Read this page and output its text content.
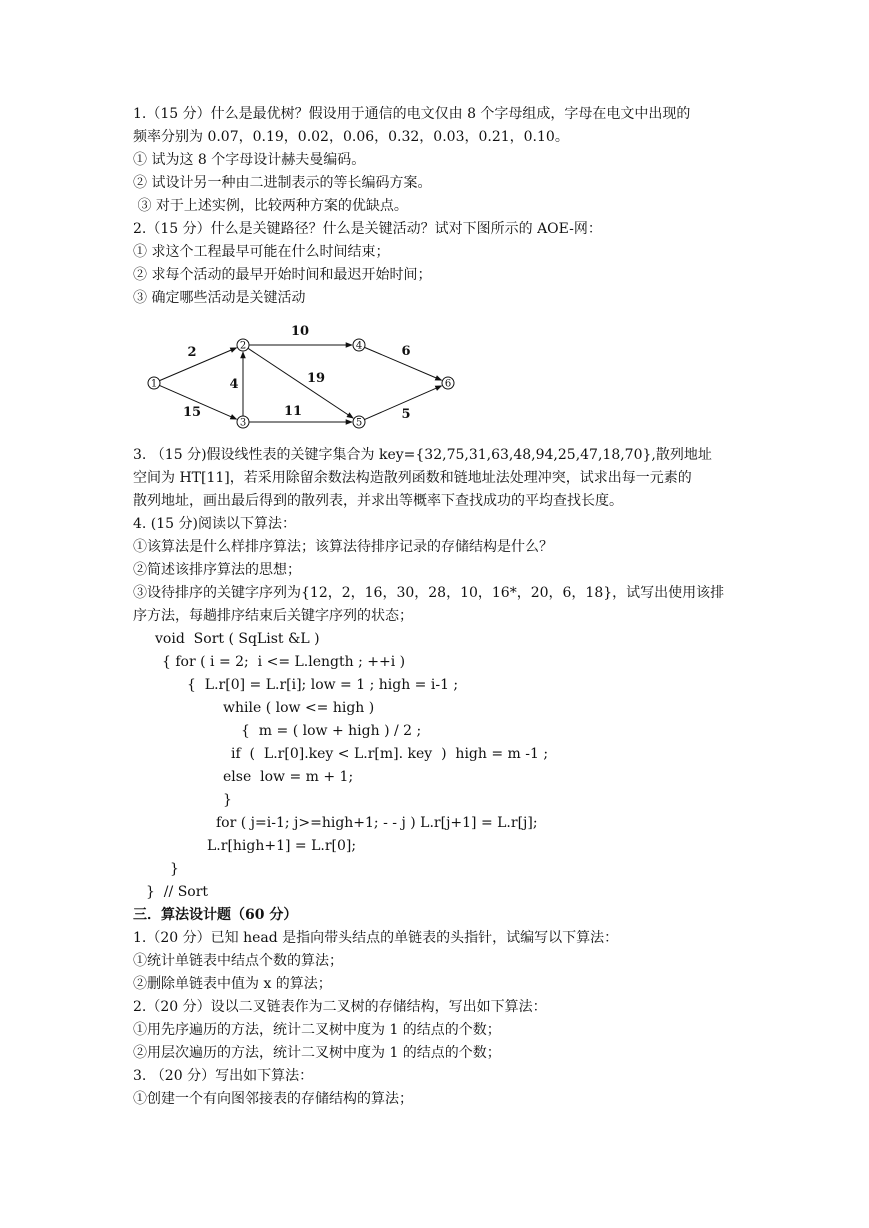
1.（15 分）什么是最优树？假设用于通信的电文仅由 8 个字母组成，字母在电文中出现的
频率分别为 0.07，0.19，0.02，0.06，0.32，0.03，0.21，0.10。
① 试为这 8 个字母设计赫夫曼编码。
② 试设计另一种由二进制表示的等长编码方案。
③ 对于上述实例，比较两种方案的优缺点。
2.（15 分）什么是关键路径？什么是关键活动？试对下图所示的 AOE-网：
① 求这个工程最早可能在什么时间结束；
② 求每个活动的最早开始时间和最迟开始时间；
③ 确定哪些活动是关键活动
2
15
4
10
19
11
6
5
1
2
3
4
5
6
3. （15 分)假设线性表的关键字集合为 key={32,75,31,63,48,94,25,47,18,70},散列地址
空间为 HT[11]，若采用除留余数法构造散列函数和链地址法处理冲突，试求出每一元素的
散列地址，画出最后得到的散列表，并求出等概率下查找成功的平均查找长度。
4. (15 分)阅读以下算法：
①该算法是什么样排序算法；该算法待排序记录的存储结构是什么？
②简述该排序算法的思想；
③设待排序的关键字序列为{12，2，16，30，28，10，16*，20，6，18}，试写出使用该排
序方法，每趟排序结束后关键字序列的状态；
void  Sort ( SqList &L )
{ for ( i = 2;  i <= L.length ; ++i )
{  L.r[0] = L.r[i]; low = 1 ; high = i-1 ;
while ( low <= high )
{  m = ( low + high ) / 2 ;
if  (  L.r[0].key < L.r[m]. key  )  high = m -1 ;
else  low = m + 1;
}
for ( j=i-1; j>=high+1; - - j ) L.r[j+1] = L.r[j];
L.r[high+1] = L.r[0];
}
}  // Sort
三．算法设计题（60 分）
1.（20 分）已知 head 是指向带头结点的单链表的头指针，试编写以下算法：
①统计单链表中结点个数的算法；
②删除单链表中值为 x 的算法；
2.（20 分）设以二叉链表作为二叉树的存储结构，写出如下算法：
①用先序遍历的方法，统计二叉树中度为 1 的结点的个数；
②用层次遍历的方法，统计二叉树中度为 1 的结点的个数；
3. （20 分）写出如下算法：
①创建一个有向图邻接表的存储结构的算法；
